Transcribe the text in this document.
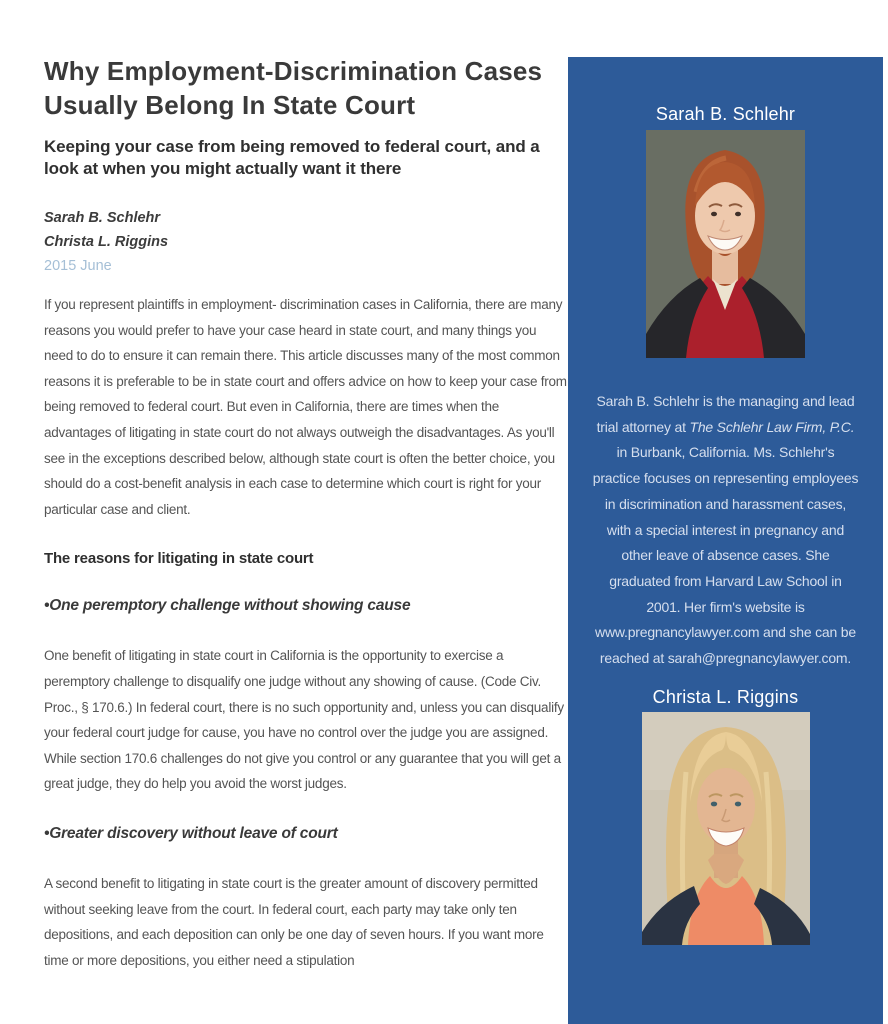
Why Employment-Discrimination Cases Usually Belong In State Court
Keeping your case from being removed to federal court, and a look at when you might actually want it there
Sarah B. Schlehr
Christa L. Riggins
2015 June

If you represent plaintiffs in employment- discrimination cases in California, there are many reasons you would prefer to have your case heard in state court, and many things you need to do to ensure it can remain there. This article discusses many of the most common reasons it is preferable to be in state court and offers advice on how to keep your case from being removed to federal court. But even in California, there are times when the advantages of litigating in state court do not always outweigh the disadvantages. As you'll see in the exceptions described below, although state court is often the better choice, you should do a cost-benefit analysis in each case to determine which court is right for your particular case and client.

The reasons for litigating in state court
•One peremptory challenge without showing cause

One benefit of litigating in state court in California is the opportunity to exercise a peremptory challenge to disqualify one judge without any showing of cause. (Code Civ. Proc., § 170.6.) In federal court, there is no such opportunity and, unless you can disqualify your federal court judge for cause, you have no control over the judge you are assigned. While section 170.6 challenges do not give you control or any guarantee that you will get a great judge, they do help you avoid the worst judges.

•Greater discovery without leave of court

A second benefit to litigating in state court is the greater amount of discovery permitted without seeking leave from the court. In federal court, each party may take only ten depositions, and each deposition can only be one day of seven hours. If you want more time or more depositions, you either need a stipulation

Sarah B. Schlehr
Sarah B. Schlehr is the managing and lead trial attorney at The Schlehr Law Firm, P.C. in Burbank, California. Ms. Schlehr's practice focuses on representing employees in discrimination and harassment cases, with a special interest in pregnancy and other leave of absence cases. She graduated from Harvard Law School in 2001. Her firm's website is www.pregnancylawyer.com and she can be reached at sarah@pregnancylawyer.com.
Christa L. Riggins
